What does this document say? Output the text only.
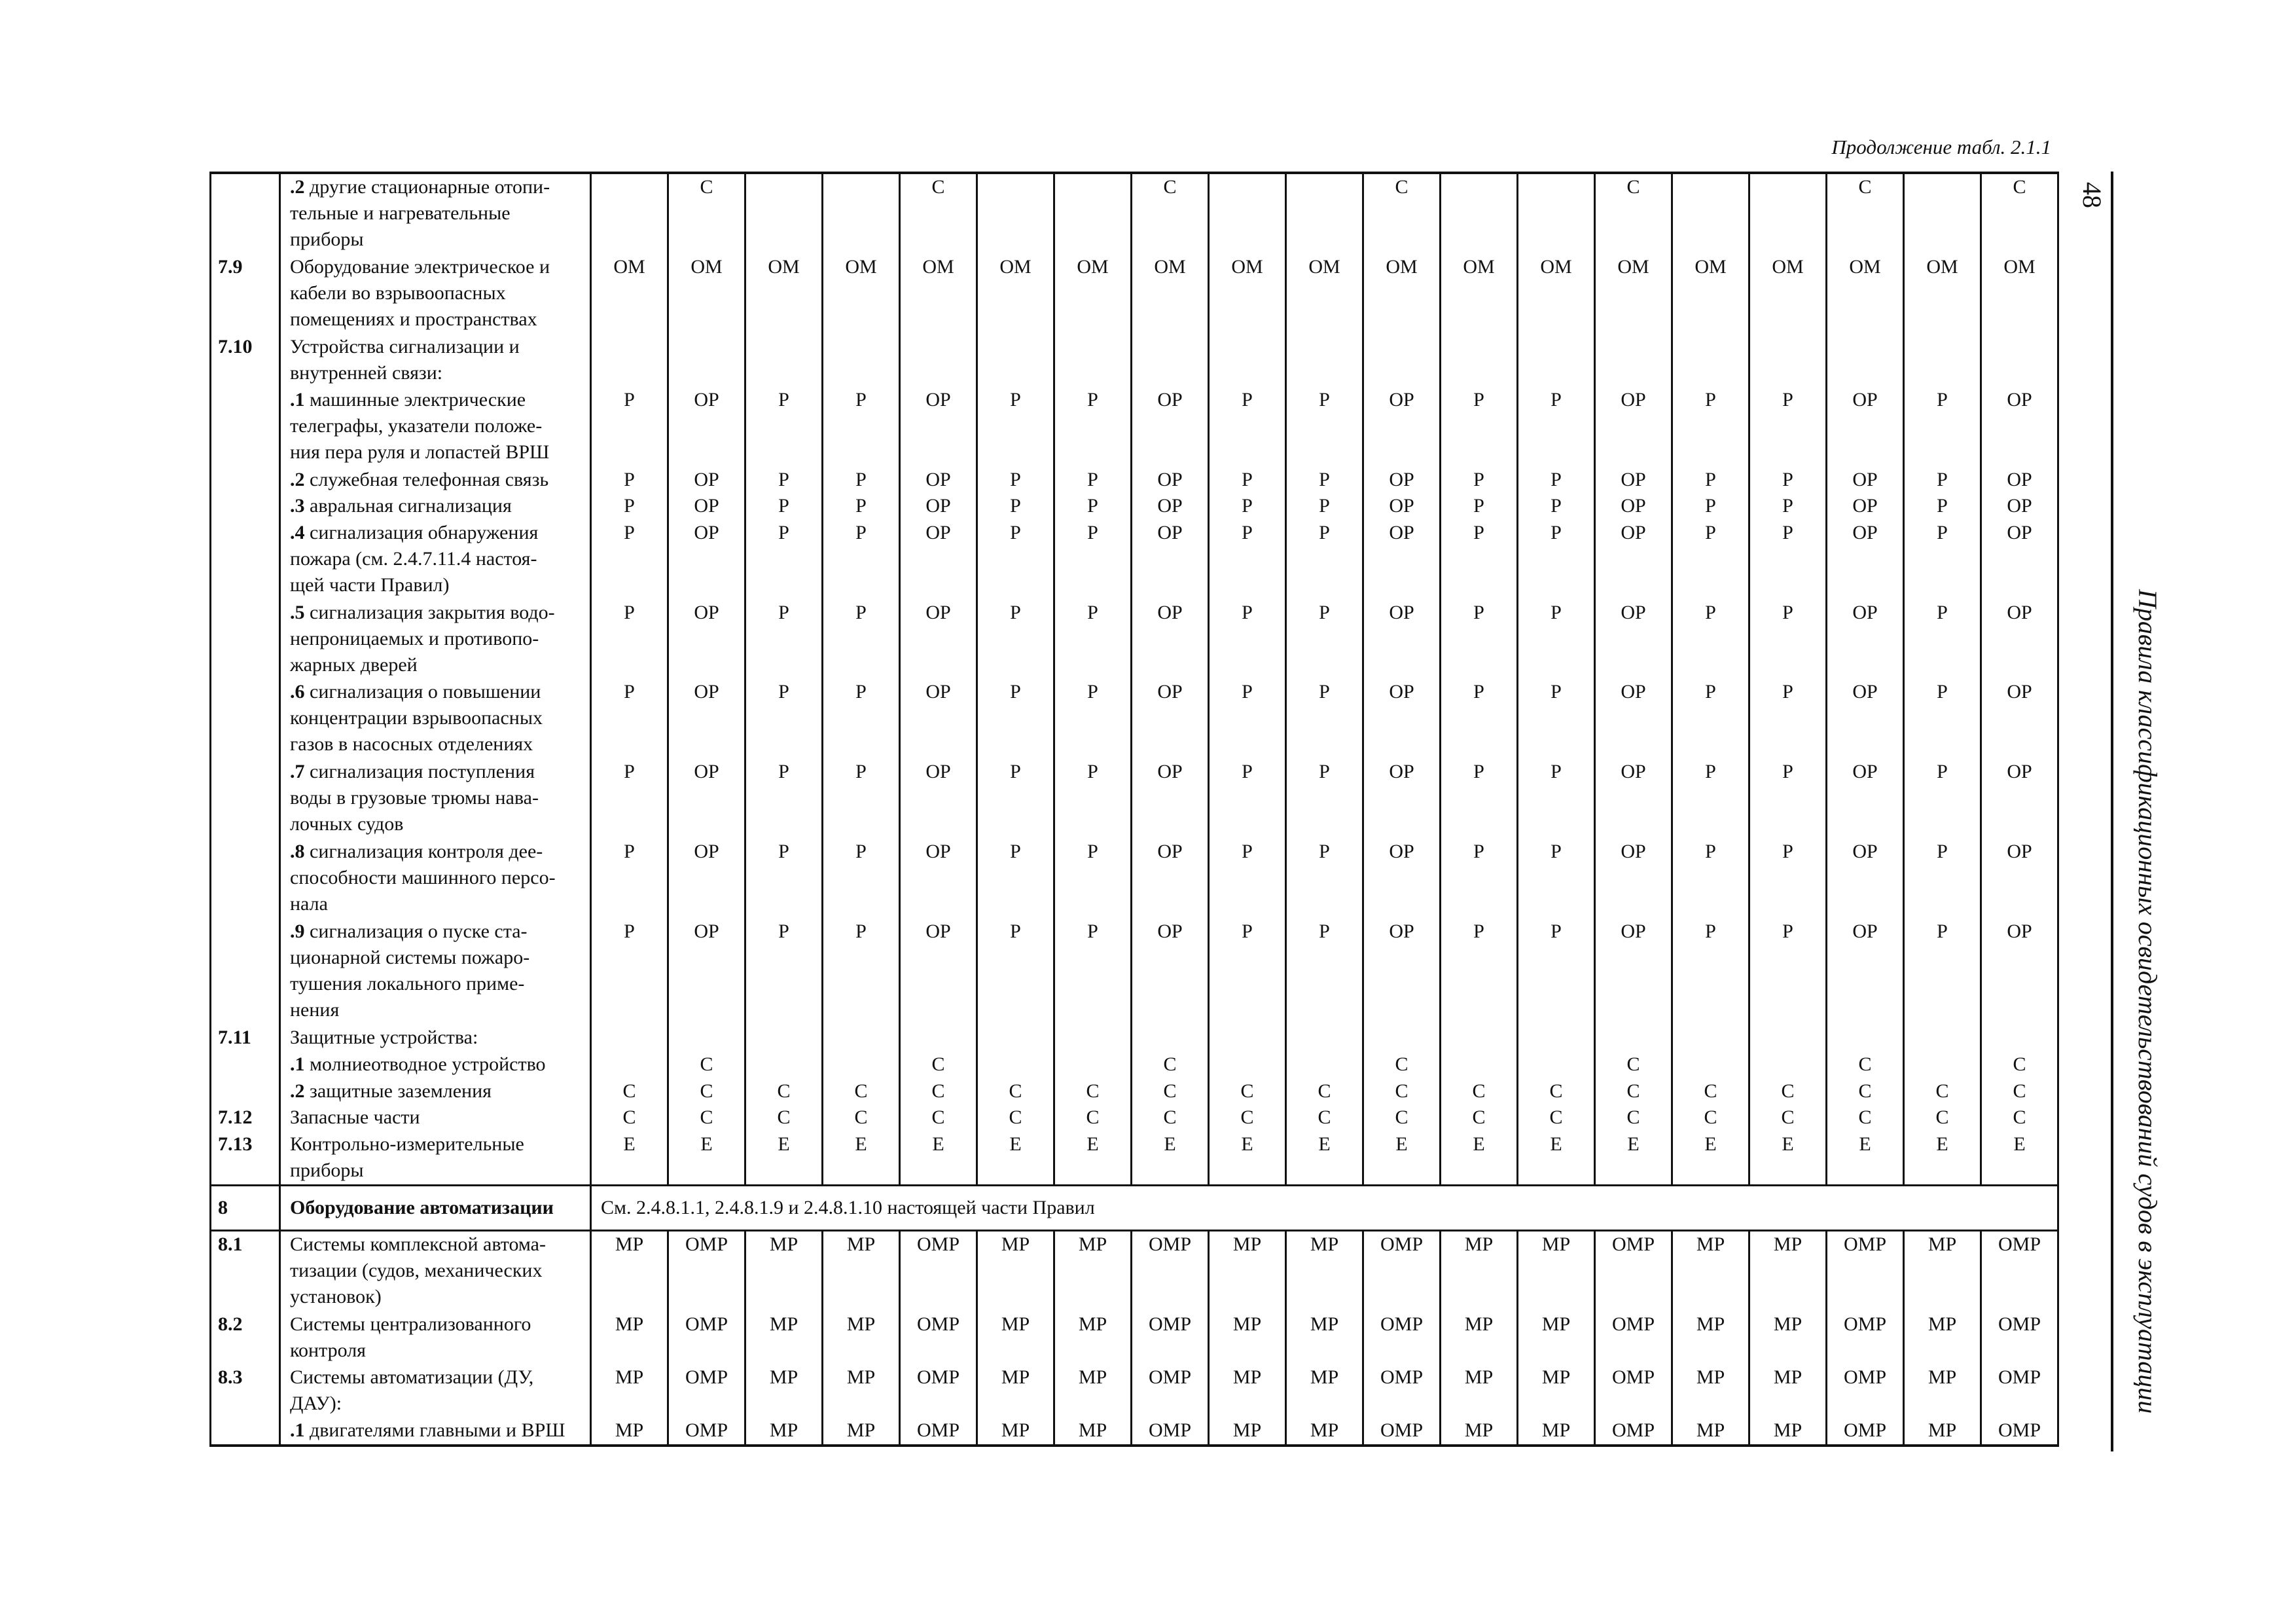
Продолжение табл. 2.1.1

	.2 другие стационарные отопи-
тельные и нагревательные
приборы		С			С			С			С			С			С		С
7.9	Оборудование электрическое и
кабели во взрывоопасных
помещениях и пространствах	ОМ	ОМ	ОМ	ОМ	ОМ	ОМ	ОМ	ОМ	ОМ	ОМ	ОМ	ОМ	ОМ	ОМ	ОМ	ОМ	ОМ	ОМ	ОМ
7.10	Устройства сигнализации и
внутренней связи:																			

	.1 машинные электрические
телеграфы, указатели положе-
ния пера руля и лопастей ВРШ	Р	ОР	Р	Р	ОР	Р	Р	ОР	Р	Р	ОР	Р	Р	ОР	Р	Р	ОР	Р	ОР

	.2 служебная телефонная связь	Р	ОР	Р	Р	ОР	Р	Р	ОР	Р	Р	ОР	Р	Р	ОР	Р	Р	ОР	Р	ОР

	.3 авральная сигнализация	Р	ОР	Р	Р	ОР	Р	Р	ОР	Р	Р	ОР	Р	Р	ОР	Р	Р	ОР	Р	ОР

	.4 сигнализация обнаружения
пожара (см. 2.4.7.11.4 настоя-
щей части Правил)	Р	ОР	Р	Р	ОР	Р	Р	ОР	Р	Р	ОР	Р	Р	ОР	Р	Р	ОР	Р	ОР

	.5 сигнализация закрытия водо-
непроницаемых и противопо-
жарных дверей	Р	ОР	Р	Р	ОР	Р	Р	ОР	Р	Р	ОР	Р	Р	ОР	Р	Р	ОР	Р	ОР

	.6 сигнализация о повышении
концентрации взрывоопасных
газов в насосных отделениях	Р	ОР	Р	Р	ОР	Р	Р	ОР	Р	Р	ОР	Р	Р	ОР	Р	Р	ОР	Р	ОР

	.7 сигнализация поступления
воды в грузовые трюмы нава-
лочных судов	Р	ОР	Р	Р	ОР	Р	Р	ОР	Р	Р	ОР	Р	Р	ОР	Р	Р	ОР	Р	ОР

	.8 сигнализация контроля дее-
способности машинного персо-
нала	Р	ОР	Р	Р	ОР	Р	Р	ОР	Р	Р	ОР	Р	Р	ОР	Р	Р	ОР	Р	ОР

	.9 сигнализация о пуске ста-
ционарной системы пожаро-
тушения локального приме-
нения	Р	ОР	Р	Р	ОР	Р	Р	ОР	Р	Р	ОР	Р	Р	ОР	Р	Р	ОР	Р	ОР
7.11	Защитные устройства:																			

	.1 молниеотводное устройство		С			С			С			С			С			С		С

	.2 защитные заземления	С	С	С	С	С	С	С	С	С	С	С	С	С	С	С	С	С	С	С
7.12	Запасные части	С	С	С	С	С	С	С	С	С	С	С	С	С	С	С	С	С	С	С
7.13	Контрольно-измерительные
приборы	Е	Е	Е	Е	Е	Е	Е	Е	Е	Е	Е	Е	Е	Е	Е	Е	Е	Е	Е
8	Оборудование автоматизации	См. 2.4.8.1.1, 2.4.8.1.9 и 2.4.8.1.10 настоящей части Правил																		
8.1	Системы комплексной автома-
тизации (судов, механических
установок)	МР	ОМР	МР	МР	ОМР	МР	МР	ОМР	МР	МР	ОМР	МР	МР	ОМР	МР	МР	ОМР	МР	ОМР
8.2	Системы централизованного
контроля	МР	ОМР	МР	МР	ОМР	МР	МР	ОМР	МР	МР	ОМР	МР	МР	ОМР	МР	МР	ОМР	МР	ОМР
8.3	Системы автоматизации (ДУ,
ДАУ):	МР	ОМР	МР	МР	ОМР	МР	МР	ОМР	МР	МР	ОМР	МР	МР	ОМР	МР	МР	ОМР	МР	ОМР

	.1 двигателями главными и ВРШ	МР	ОМР	МР	МР	ОМР	МР	МР	ОМР	МР	МР	ОМР	МР	МР	ОМР	МР	МР	ОМР	МР	ОМР
48
Правила классификационных освидетельствований судов в эксплуатации
